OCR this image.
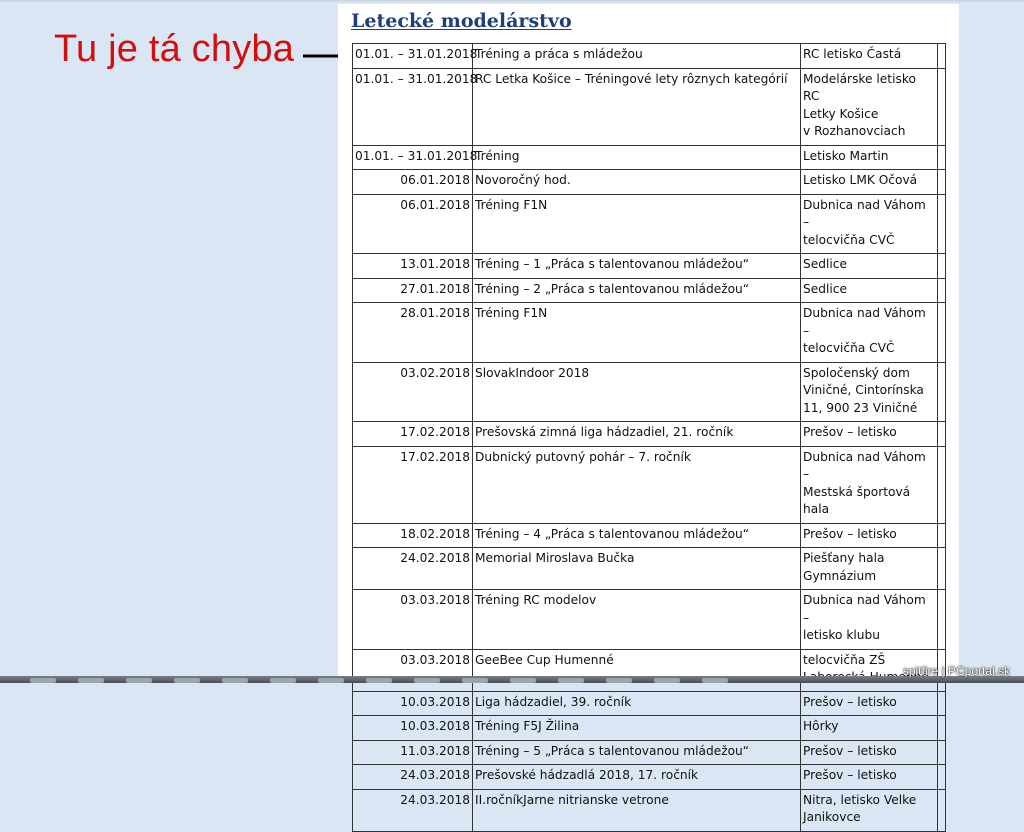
Tu je tá chyba
Letecké modelárstvo
01.01. – 31.01.2018	Tréning a práca s mládežou	RC letisko Častá	
01.01. – 31.01.2018	RC Letka Košice – Tréningové lety rôznych kategórií	Modelárske letisko RC
Letky Košice
v Rozhanovciach	
01.01. – 31.01.2018	Tréning	Letisko Martin	
06.01.2018	Novoročný hod.	Letisko LMK Očová	
06.01.2018	Tréning F1N	Dubnica nad Váhom –
telocvičňa CVČ	
13.01.2018	Tréning – 1 „Práca s talentovanou mládežou“	Sedlice	
27.01.2018	Tréning – 2 „Práca s talentovanou mládežou“	Sedlice	
28.01.2018	Tréning F1N	Dubnica nad Váhom –
telocvičňa CVČ	
03.02.2018	SlovakIndoor 2018	Spoločenský dom
Viničné, Cintorínska
11, 900 23 Viničné	
17.02.2018	Prešovská zimná liga hádzadiel, 21. ročník	Prešov – letisko	
17.02.2018	Dubnický putovný pohár – 7. ročník	Dubnica nad Váhom –
Mestská športová hala	
18.02.2018	Tréning – 4 „Práca s talentovanou mládežou“	Prešov – letisko	
24.02.2018	Memorial Miroslava Bučka	Piešťany hala
Gymnázium	
03.03.2018	Tréning RC modelov	Dubnica nad Váhom –
letisko klubu	
03.03.2018	GeeBee Cup Humenné	telocvičňa ZŠ

10.03.2018	Liga hádzadiel, 39. ročník	Prešov – letisko	
10.03.2018	Tréning F5J Žilina	Hôrky	
11.03.2018	Tréning – 5 „Práca s talentovanou mládežou“	Prešov – letisko	
24.03.2018	Prešovské hádzadlá 2018, 17. ročník	Prešov – letisko	
24.03.2018	II.ročníkJarne nitrianske vetrone	Nitra, letisko Velke
Janikovce	
spitfire | PCportal.sk
